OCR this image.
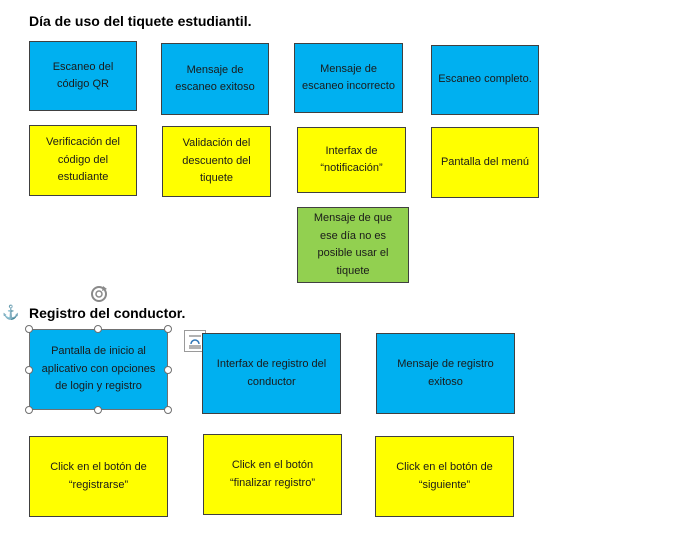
Día de uso del tiquete estudiantil.
Escaneo del código QR
Mensaje de escaneo exitoso
Mensaje de escaneo incorrecto
Escaneo completo.
Verificación del código del estudiante
Validación del descuento del tiquete
Interfax de “notificación”
Pantalla del menú
Mensaje de que ese día no es posible usar el tiquete
⚓ Registro del conductor.
Pantalla de inicio al aplicativo con opciones de login y registro
Interfax de registro del conductor
Mensaje de registro exitoso
Click en el botón de “registrarse”
Click en el botón “finalizar registro”
Click en el botón de “siguiente”
